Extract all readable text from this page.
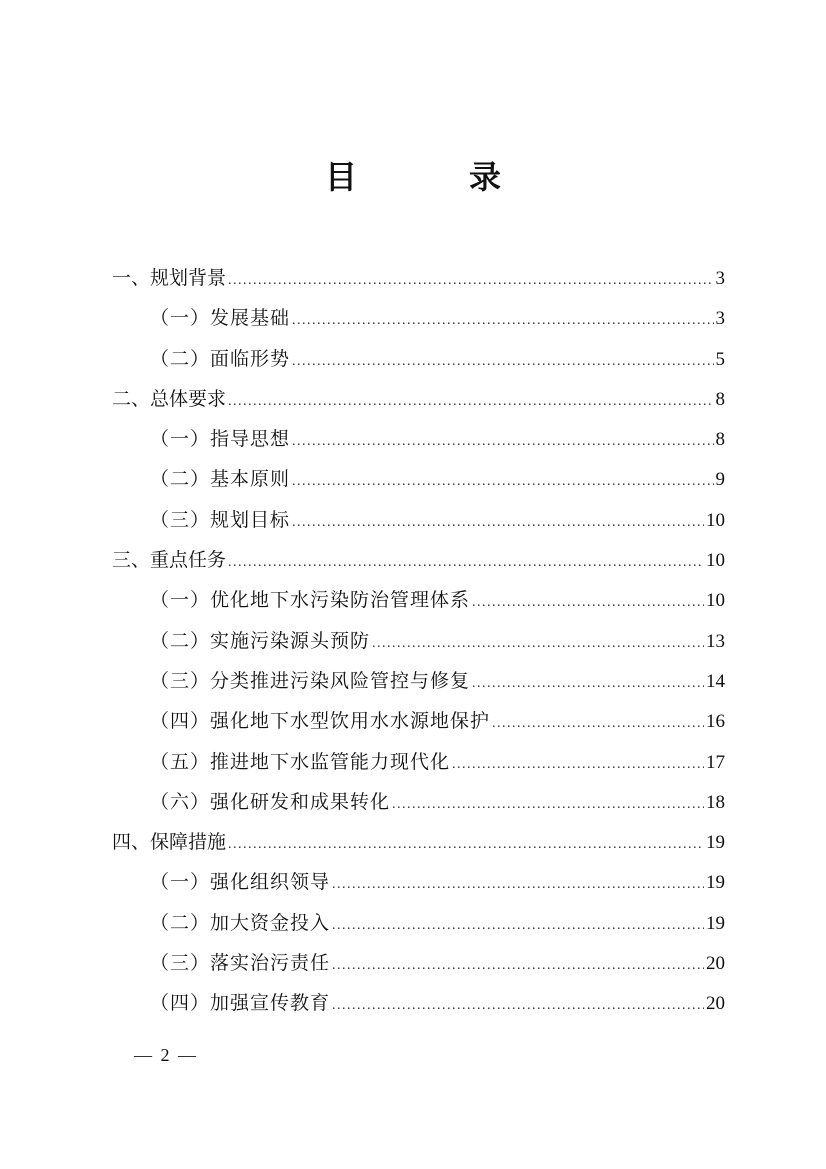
目　录
一、规划背景 .....	3
（一）发展基础 .....	3
（二）面临形势 .....	5
二、总体要求 .....	8
（一）指导思想 .....	8
（二）基本原则 .....	9
（三）规划目标 .....	10
三、重点任务 .....	10
（一）优化地下水污染防治管理体系 .....	10
（二）实施污染源头预防 .....	13
（三）分类推进污染风险管控与修复 .....	14
（四）强化地下水型饮用水水源地保护 .....	16
（五）推进地下水监管能力现代化 .....	17
（六）强化研发和成果转化 .....	18
四、保障措施 .....	19
（一）强化组织领导 .....	19
（二）加大资金投入 .....	19
（三）落实治污责任 .....	20
（四）加强宣传教育 .....	20
— 2 —
